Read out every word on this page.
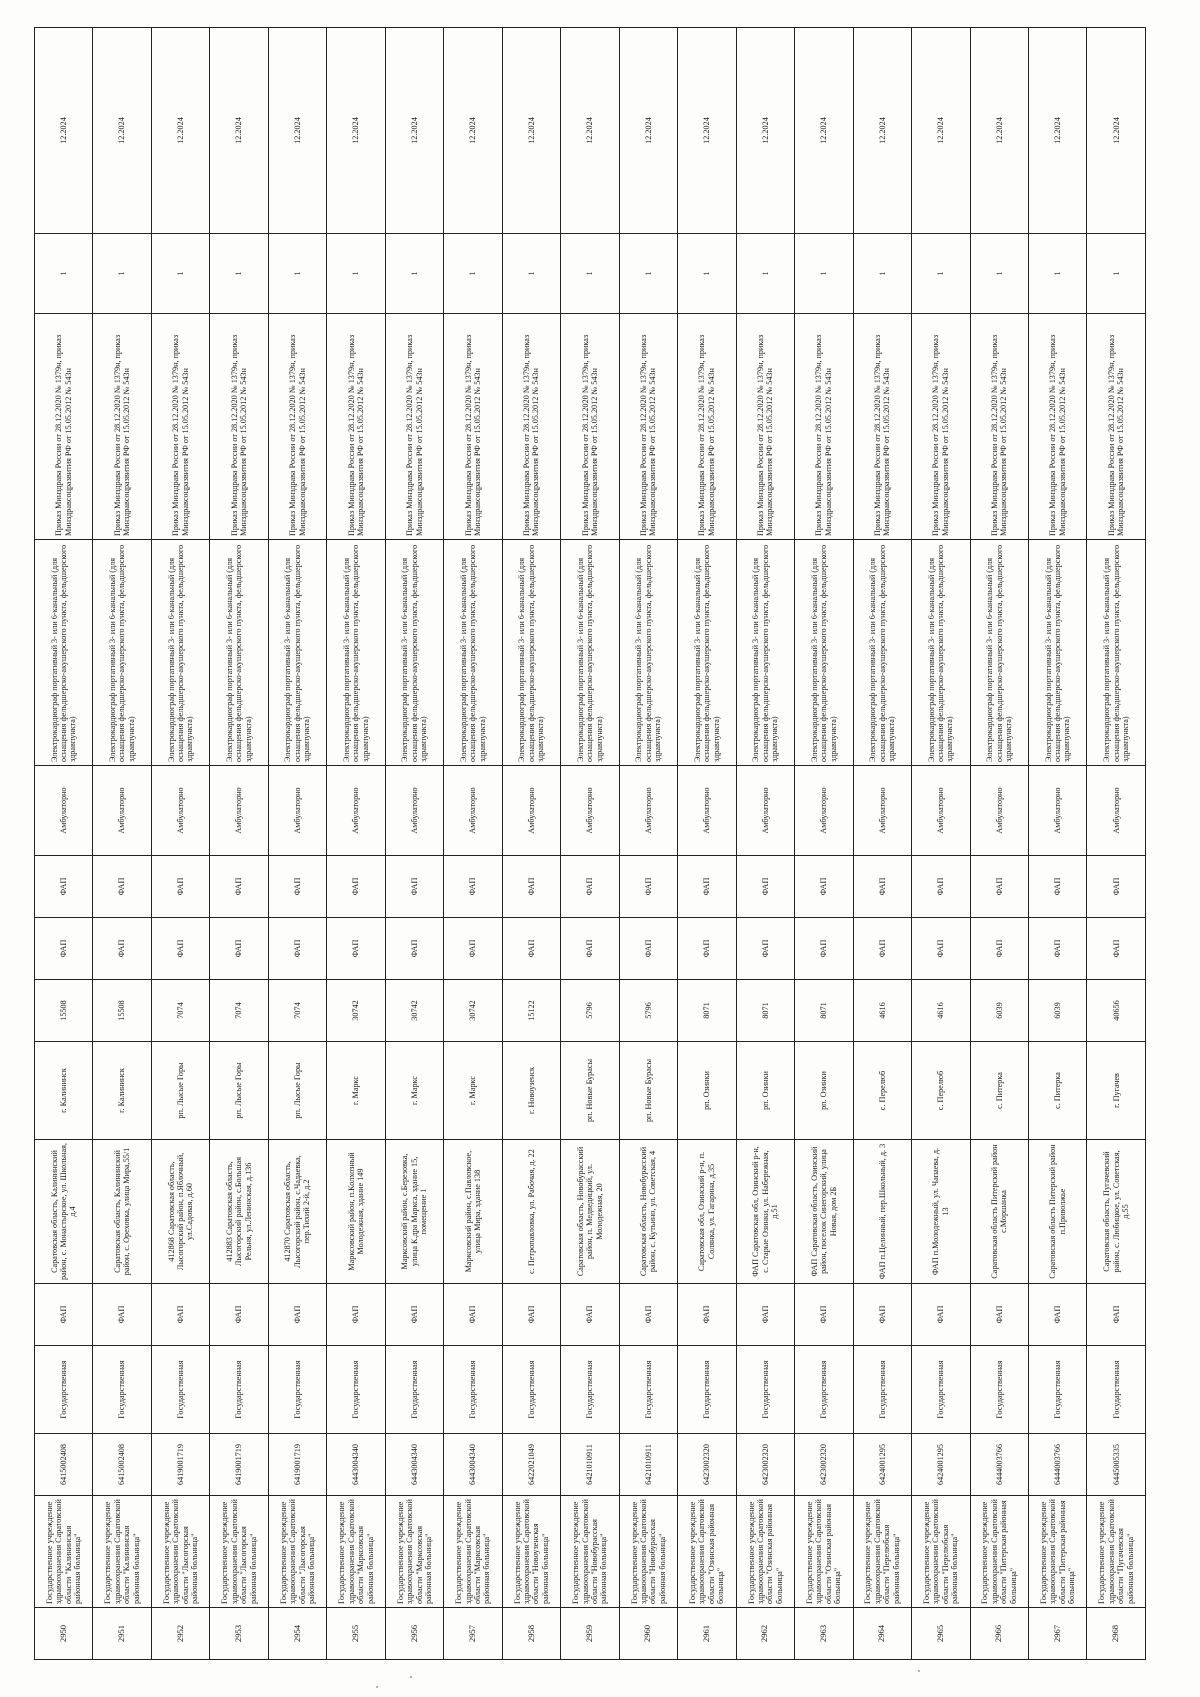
2950	Государственное учреждение здравоохранения Саратовской области "Калининская районная больница"	6415002408	Государственная	ФАП	Саратовская область, Калининский район, с. Монастырское, ул. Школьная, д.4	г. Калининск	15508	ФАП	ФАП	Амбулаторно	Электрокардиограф портативный 3- или 6-канальный (для оснащения фельдшерско-акушерского пункта, фельдшерского здравпункта)	Приказ Минздрава России от 28.12.2020 № 1379н, приказ Минздравсоцразвития РФ от 15.05.2012 № 543н	1	12.2024
2951	Государственное учреждение здравоохранения Саратовской области "Калининская районная больница"	6415002408	Государственная	ФАП	Саратовская область, Калининский район, с. Ореховка, улица Мира,55/1	г. Калининск	15508	ФАП	ФАП	Амбулаторно	Электрокардиограф портативный 3- или 6-канальный (для оснащения фельдшерско-акушерского пункта, фельдшерского здравпункта)	Приказ Минздрава России от 28.12.2020 № 1379н, приказ Минздравсоцразвития РФ от 15.05.2012 № 543н	1	12.2024
2952	Государственное учреждение здравоохранения Саратовской области "Лысогорская районная больница"	6419001719	Государственная	ФАП	412868 Саратовская область, Лысогорский район, п.Яблочный, ул.Садовая, д.60	рп. Лысые Горы	7074	ФАП	ФАП	Амбулаторно	Электрокардиограф портативный 3- или 6-канальный (для оснащения фельдшерско-акушерского пункта, фельдшерского здравпункта)	Приказ Минздрава России от 28.12.2020 № 1379н, приказ Минздравсоцразвития РФ от 15.05.2012 № 543н	1	12.2024
2953	Государственное учреждение здравоохранения Саратовской области "Лысогорская районная больница"	6419001719	Государственная	ФАП	412883 Саратовская область, Лысогорский район, с.Большая Рельня, ул.Ленинская, д.136	рп. Лысые Горы	7074	ФАП	ФАП	Амбулаторно	Электрокардиограф портативный 3- или 6-канальный (для оснащения фельдшерско-акушерского пункта, фельдшерского здравпункта)	Приказ Минздрава России от 28.12.2020 № 1379н, приказ Минздравсоцразвития РФ от 15.05.2012 № 543н	1	12.2024
2954	Государственное учреждение здравоохранения Саратовской области "Лысогорская районная больница"	6419001719	Государственная	ФАП	412870 Саратовская область, Лысогорский район, с.Чадаевка, пер.Тихий 2-й, д.2	рп. Лысые Горы	7074	ФАП	ФАП	Амбулаторно	Электрокардиограф портативный 3- или 6-канальный (для оснащения фельдшерско-акушерского пункта, фельдшерского здравпункта)	Приказ Минздрава России от 28.12.2020 № 1379н, приказ Минздравсоцразвития РФ от 15.05.2012 № 543н	1	12.2024
2955	Государственное учреждение здравоохранения Саратовской области "Марксовская районная больница"	6443004340	Государственная	ФАП	Марксовский район, п.Колхозный Молодежная, здание 149	г. Маркс	30742	ФАП	ФАП	Амбулаторно	Электрокардиограф портативный 3- или 6-канальный (для оснащения фельдшерско-акушерского пункта, фельдшерского здравпункта)	Приказ Минздрава России от 28.12.2020 № 1379н, приказ Минздравсоцразвития РФ от 15.05.2012 № 543н	1	12.2024
2956	Государственное учреждение здравоохранения Саратовской области "Марксовская районная больница"	6443004340	Государственная	ФАП	Марксовский район, с.Березовка, улица К.дра Маркса, здание 15, помещение 1	г. Маркс	30742	ФАП	ФАП	Амбулаторно	Электрокардиограф портативный 3- или 6-канальный (для оснащения фельдшерско-акушерского пункта, фельдшерского здравпункта)	Приказ Минздрава России от 28.12.2020 № 1379н, приказ Минздравсоцразвития РФ от 15.05.2012 № 543н	1	12.2024
2957	Государственное учреждение здравоохранения Саратовской области "Марксовская районная больница"	6443004340	Государственная	ФАП	Марксовский район, с.Павловское, улица Мира, здание 138	г. Маркс	30742	ФАП	ФАП	Амбулаторно	Электрокардиограф портативный 3- или 6-канальный (для оснащения фельдшерско-акушерского пункта, фельдшерского здравпункта)	Приказ Минздрава России от 28.12.2020 № 1379н, приказ Минздравсоцразвития РФ от 15.05.2012 № 543н	1	12.2024
2958	Государственное учреждение здравоохранения Саратовской области "Новоузенская районная больница"	6422021049	Государственная	ФАП	с. Петропавловка, ул. Рабочая, д. 22	г. Новоузенск	15122	ФАП	ФАП	Амбулаторно	Электрокардиограф портативный 3- или 6-канальный (для оснащения фельдшерско-акушерского пункта, фельдшерского здравпункта)	Приказ Минздрава России от 28.12.2020 № 1379н, приказ Минздравсоцразвития РФ от 15.05.2012 № 543н	1	12.2024
2959	Государственное учреждение здравоохранения Саратовской области "Новобурасская районная больница"	6421010911	Государственная	ФАП	Саратовская область, Новобурасский район, п. Медведицкий, ул. Молодежная, 20	рп. Новые Бурасы	5796	ФАП	ФАП	Амбулаторно	Электрокардиограф портативный 3- или 6-канальный (для оснащения фельдшерско-акушерского пункта, фельдшерского здравпункта)	Приказ Минздрава России от 28.12.2020 № 1379н, приказ Минздравсоцразвития РФ от 15.05.2012 № 543н	1	12.2024
2960	Государственное учреждение здравоохранения Саратовской области "Новобурасская районная больница"	6421010911	Государственная	ФАП	Саратовская область, Новобурасский район, с. Кутьино, ул. Советская, 4	рп. Новые Бурасы	5796	ФАП	ФАП	Амбулаторно	Электрокардиограф портативный 3- или 6-канальный (для оснащения фельдшерско-акушерского пункта, фельдшерского здравпункта)	Приказ Минздрава России от 28.12.2020 № 1379н, приказ Минздравсоцразвития РФ от 15.05.2012 № 543н	1	12.2024
2961	Государственное учреждение здравоохранения Саратовской области "Озинская районная больница"	6423002320	Государственная	ФАП	Саратовская обл, Озинский р-н, п. Солянка, ул. Гагарина, д.35	рп. Озинки	8071	ФАП	ФАП	Амбулаторно	Электрокардиограф портативный 3- или 6-канальный (для оснащения фельдшерско-акушерского пункта, фельдшерского здравпункта)	Приказ Минздрава России от 28.12.2020 № 1379н, приказ Минздравсоцразвития РФ от 15.05.2012 № 543н	1	12.2024
2962	Государственное учреждение здравоохранения Саратовской области "Озинская районная больница"	6423002320	Государственная	ФАП	ФАП Саратовская обл, Озинский р-н, с. Старые Озинки, ул. Набережная, д.51	рп. Озинки	8071	ФАП	ФАП	Амбулаторно	Электрокардиограф портативный 3- или 6-канальный (для оснащения фельдшерско-акушерского пункта, фельдшерского здравпункта)	Приказ Минздрава России от 28.12.2020 № 1379н, приказ Минздравсоцразвития РФ от 15.05.2012 № 543н	1	12.2024
2963	Государственное учреждение здравоохранения Саратовской области "Озинская районная больница"	6423002320	Государственная	ФАП	ФАП Саратовская область, Озинский район, поселок Синегорский, улица Новая, дом 2Б	рп. Озинки	8071	ФАП	ФАП	Амбулаторно	Электрокардиограф портативный 3- или 6-канальный (для оснащения фельдшерско-акушерского пункта, фельдшерского здравпункта)	Приказ Минздрава России от 28.12.2020 № 1379н, приказ Минздравсоцразвития РФ от 15.05.2012 № 543н	1	12.2024
2964	Государственное учреждение здравоохранения Саратовской области "Перелюбская районная больница"	6424001295	Государственная	ФАП	ФАП п.Целинный, пер.Школьный, д. 3	с. Перелюб	4616	ФАП	ФАП	Амбулаторно	Электрокардиограф портативный 3- или 6-канальный (для оснащения фельдшерско-акушерского пункта, фельдшерского здравпункта)	Приказ Минздрава России от 28.12.2020 № 1379н, приказ Минздравсоцразвития РФ от 15.05.2012 № 543н	1	12.2024
2965	Государственное учреждение здравоохранения Саратовской области "Перелюбская районная больница"	6424001295	Государственная	ФАП	ФАП п.Молодежный, ул. Чапаева, д. 13	с. Перелюб	4616	ФАП	ФАП	Амбулаторно	Электрокардиограф портативный 3- или 6-канальный (для оснащения фельдшерско-акушерского пункта, фельдшерского здравпункта)	Приказ Минздрава России от 28.12.2020 № 1379н, приказ Минздравсоцразвития РФ от 15.05.2012 № 543н	1	12.2024
2966	Государственное учреждение здравоохранения Саратовской области "Питерская районная больница"	6444003766	Государственная	ФАП	Саратовская область Питерский район с.Моршанка	с. Питерка	6039	ФАП	ФАП	Амбулаторно	Электрокардиограф портативный 3- или 6-канальный (для оснащения фельдшерско-акушерского пункта, фельдшерского здравпункта)	Приказ Минздрава России от 28.12.2020 № 1379н, приказ Минздравсоцразвития РФ от 15.05.2012 № 543н	1	12.2024
2967	Государственное учреждение здравоохранения Саратовской области "Питерская районная больница"	6444003766	Государственная	ФАП	Саратовская область Питерский район п.Приволжье	с. Питерка	6039	ФАП	ФАП	Амбулаторно	Электрокардиограф портативный 3- или 6-канальный (для оснащения фельдшерско-акушерского пункта, фельдшерского здравпункта)	Приказ Минздрава России от 28.12.2020 № 1379н, приказ Минздравсоцразвития РФ от 15.05.2012 № 543н	1	12.2024
2968	Государственное учреждение здравоохранения Саратовской области "Пугачевская районная больница"	6445005335	Государственная	ФАП	Саратовская область, Пугачевский район, с. Любицкое, ул. Советская, д.55	г. Пугачев	40656	ФАП	ФАП	Амбулаторно	Электрокардиограф портативный 3- или 6-канальный (для оснащения фельдшерско-акушерского пункта, фельдшерского здравпункта)	Приказ Минздрава России от 28.12.2020 № 1379н, приказ Минздравсоцразвития РФ от 15.05.2012 № 543н	1	12.2024
